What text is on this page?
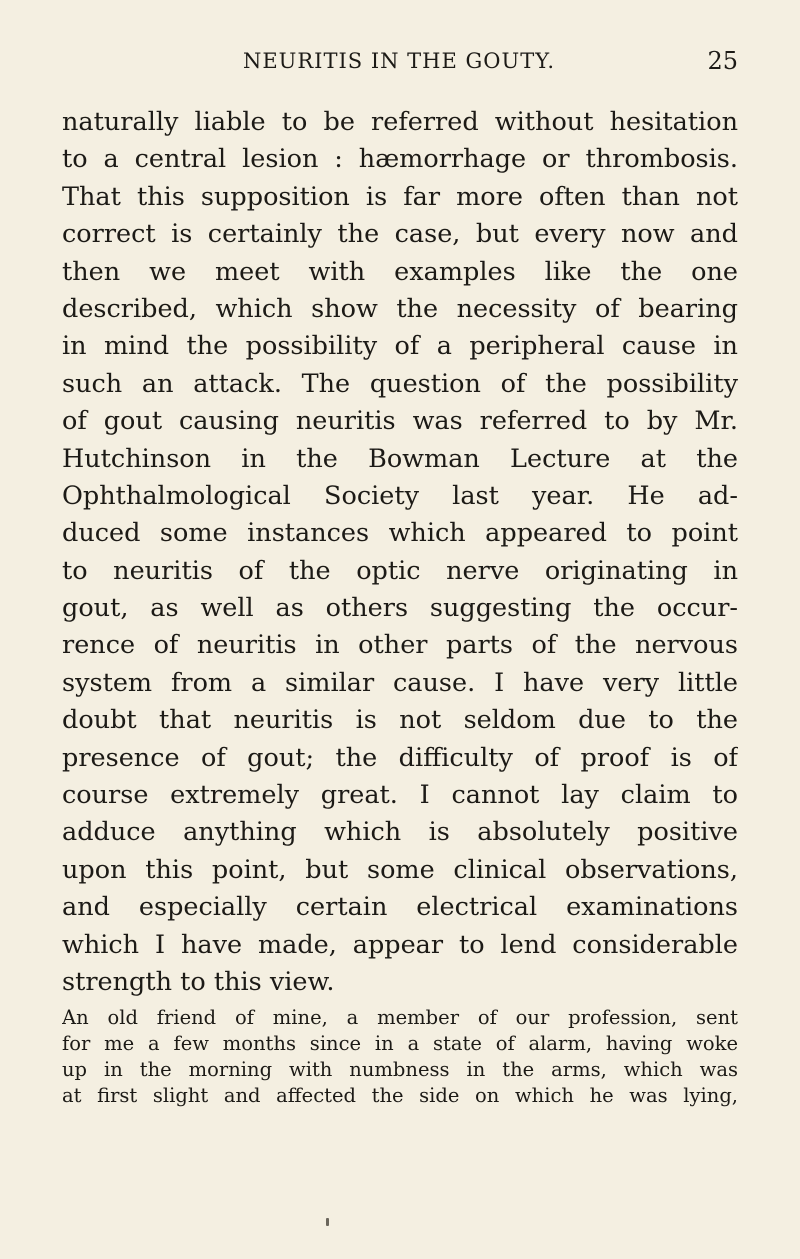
NEURITIS IN THE GOUTY.	25
naturally liable to be referred without hesitation
to a central lesion : hæmorrhage or thrombosis.
That this supposition is far more often than not
correct is certainly the case, but every now and
then we meet with examples like the one
described, which show the necessity of bearing
in mind the possibility of a peripheral cause in
such an attack. The question of the possibility
of gout causing neuritis was referred to by Mr.
Hutchinson in the Bowman Lecture at the
Ophthalmological Society last year. He ad-
duced some instances which appeared to point
to neuritis of the optic nerve originating in
gout, as well as others suggesting the occur-
rence of neuritis in other parts of the nervous
system from a similar cause. I have very little
doubt that neuritis is not seldom due to the
presence of gout; the difficulty of proof is of
course extremely great. I cannot lay claim to
adduce anything which is absolutely positive
upon this point, but some clinical observations,
and especially certain electrical examinations
which I have made, appear to lend considerable
strength to this view.
An old friend of mine, a member of our profession, sent
for me a few months since in a state of alarm, having woke
up in the morning with numbness in the arms, which was
at first slight and affected the side on which he was lying,
